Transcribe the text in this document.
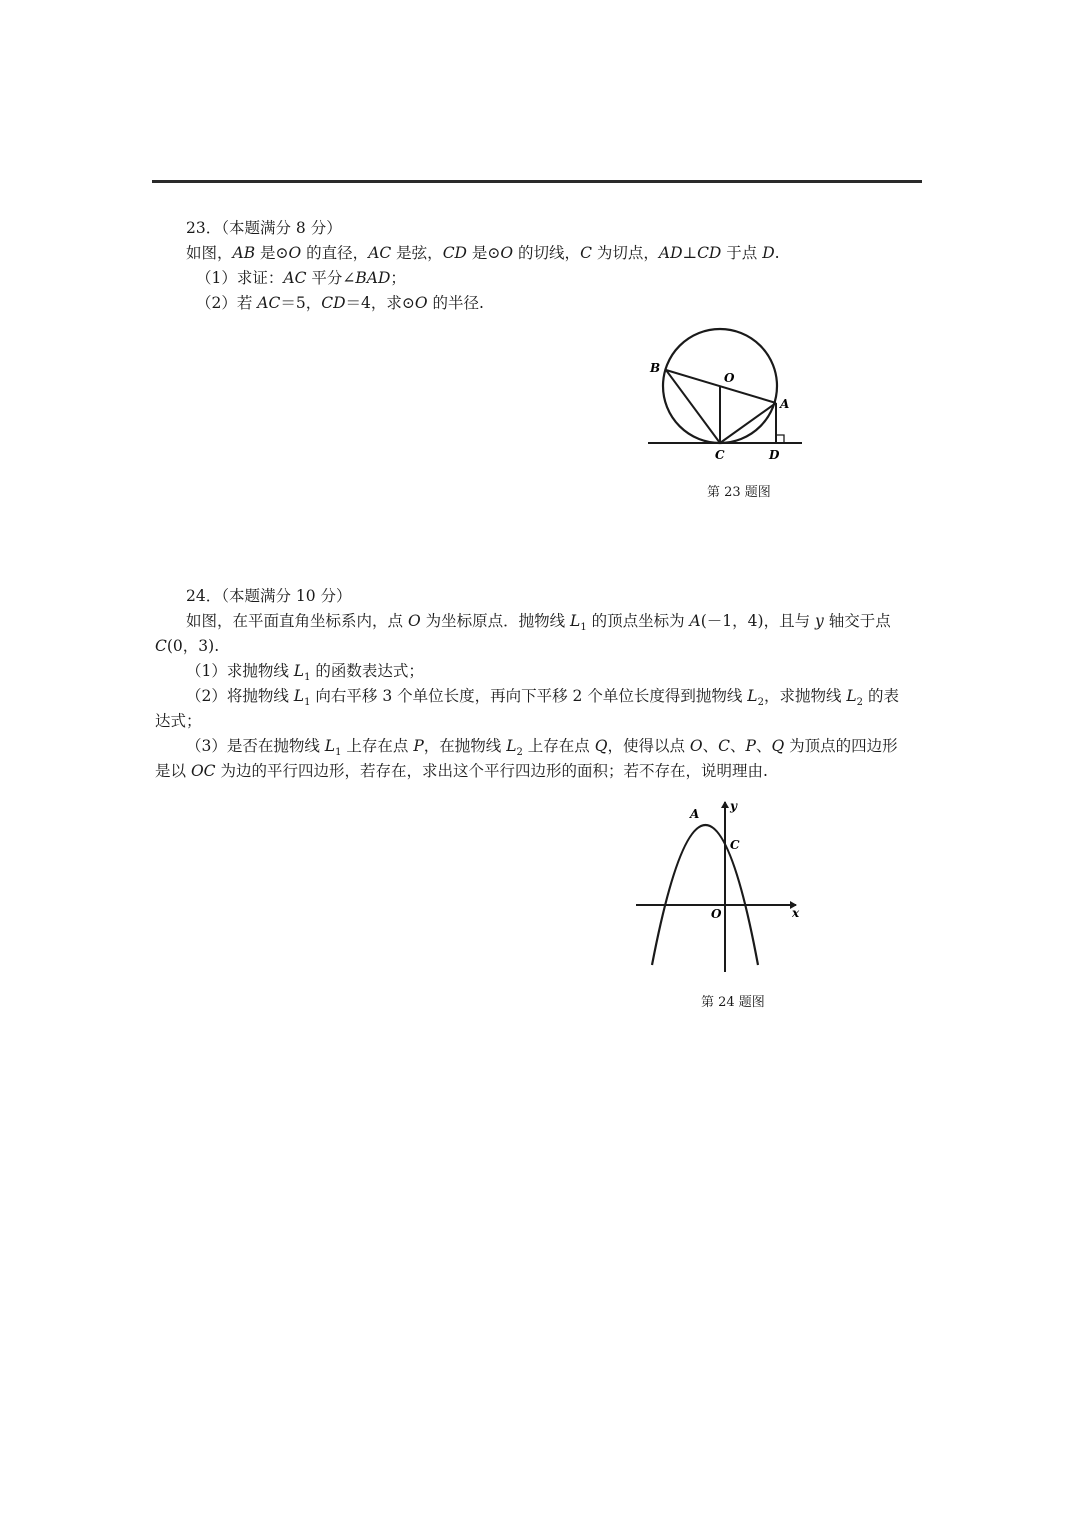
23．（本题满分 8 分）
如图，AB 是⊙O 的直径，AC 是弦，CD 是⊙O 的切线，C 为切点，AD⊥CD 于点 D.
（1）求证：AC 平分∠BAD；
（2）若 AC＝5，CD＝4，求⊙O 的半径.
B
O
A
C	D
第 23 题图
24．（本题满分 10 分）
如图，在平面直角坐标系内，点 O 为坐标原点．抛物线 $L_1$ 的顶点坐标为 A(－1，4)，且与 y 轴交于点
C(0，3).
（1）求抛物线 $L_1$ 的函数表达式；
（2）将抛物线 $L_1$ 向右平移 3 个单位长度，再向下平移 2 个单位长度得到抛物线 $L_2$，求抛物线 $L_2$ 的表
达式；
（3）是否在抛物线 $L_1$ 上存在点 P，在抛物线 $L_2$ 上存在点 Q，使得以点 O、C、P、Q 为顶点的四边形
是以 OC 为边的平行四边形，若存在，求出这个平行四边形的面积；若不存在，说明理由.
A
y
C
O	x
第 24 题图
